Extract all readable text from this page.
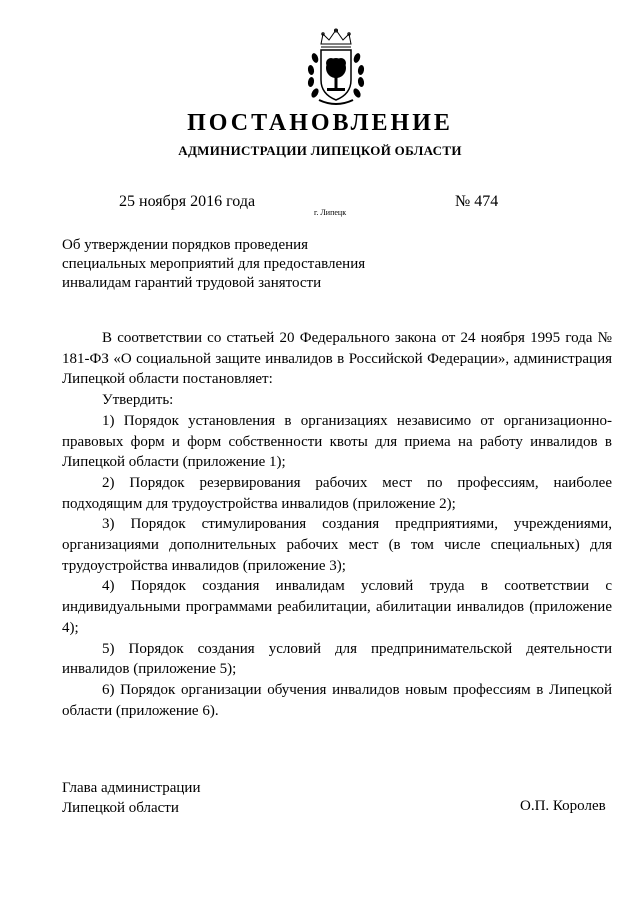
ПОСТАНОВЛЕНИЕ
АДМИНИСТРАЦИИ ЛИПЕЦКОЙ ОБЛАСТИ
25 ноября 2016 года
г. Липецк
№ 474
Об утверждении порядков проведения
специальных мероприятий для предоставления
инвалидам гарантий трудовой занятости

В соответствии со статьей 20 Федерального закона от 24 ноября 1995 года № 181-ФЗ «О социальной защите инвалидов в Российской Федерации», администрация Липецкой области постановляет:

Утвердить:

1) Порядок установления в организациях независимо от организационно-правовых форм и форм собственности квоты для приема на работу инвалидов в Липецкой области (приложение 1);

2) Порядок резервирования рабочих мест по профессиям, наиболее подходящим для трудоустройства инвалидов (приложение 2);

3) Порядок стимулирования создания предприятиями, учреждениями, организациями дополнительных рабочих мест (в том числе специальных) для трудоустройства инвалидов (приложение 3);

4) Порядок создания инвалидам условий труда в соответствии с индивидуальными программами реабилитации, абилитации инвалидов (приложение 4);

5) Порядок создания условий для предпринимательской деятельности инвалидов (приложение 5);

6) Порядок организации обучения инвалидов новым профессиям в Липецкой области (приложение 6).

Глава администрации
Липецкой области	О.П. Королев
